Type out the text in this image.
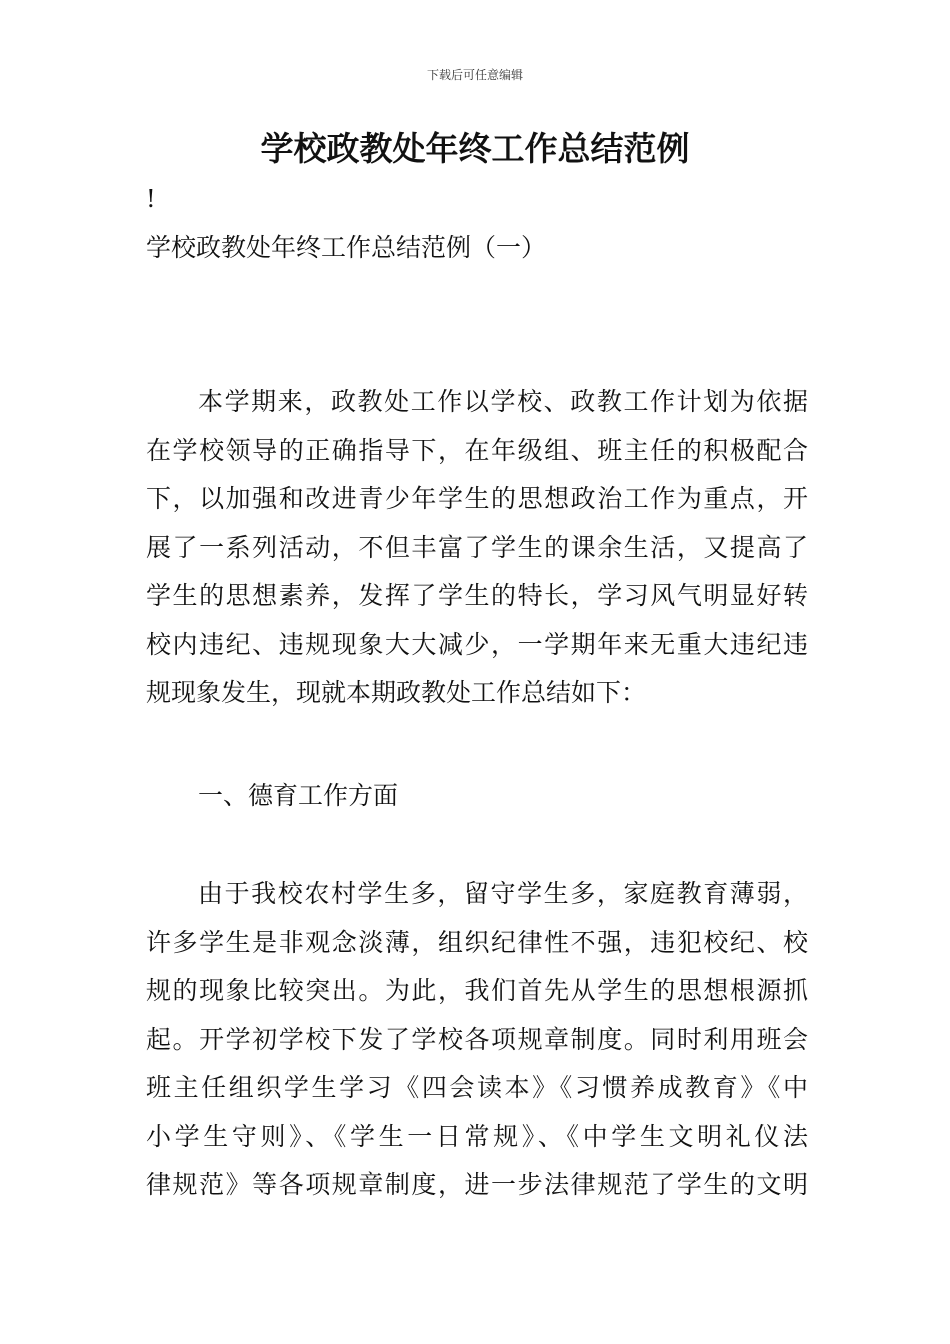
下载后可任意编辑
学校政教处年终工作总结范例
!
学校政教处年终工作总结范例（一）
本学期来，政教处工作以学校、政教工作计划为依据
在学校领导的正确指导下，在年级组、班主任的积极配合
下，以加强和改进青少年学生的思想政治工作为重点，开
展了一系列活动，不但丰富了学生的课余生活，又提高了
学生的思想素养，发挥了学生的特长，学习风气明显好转
校内违纪、违规现象大大减少，一学期年来无重大违纪违
规现象发生，现就本期政教处工作总结如下：
一、德育工作方面
由于我校农村学生多，留守学生多，家庭教育薄弱，
许多学生是非观念淡薄，组织纪律性不强，违犯校纪、校
规的现象比较突出。为此，我们首先从学生的思想根源抓
起。开学初学校下发了学校各项规章制度。同时利用班会
班主任组织学生学习《四会读本》《习惯养成教育》《中
小学生守则》、《学生一日常规》、《中学生文明礼仪法
律规范》等各项规章制度，进一步法律规范了学生的文明
